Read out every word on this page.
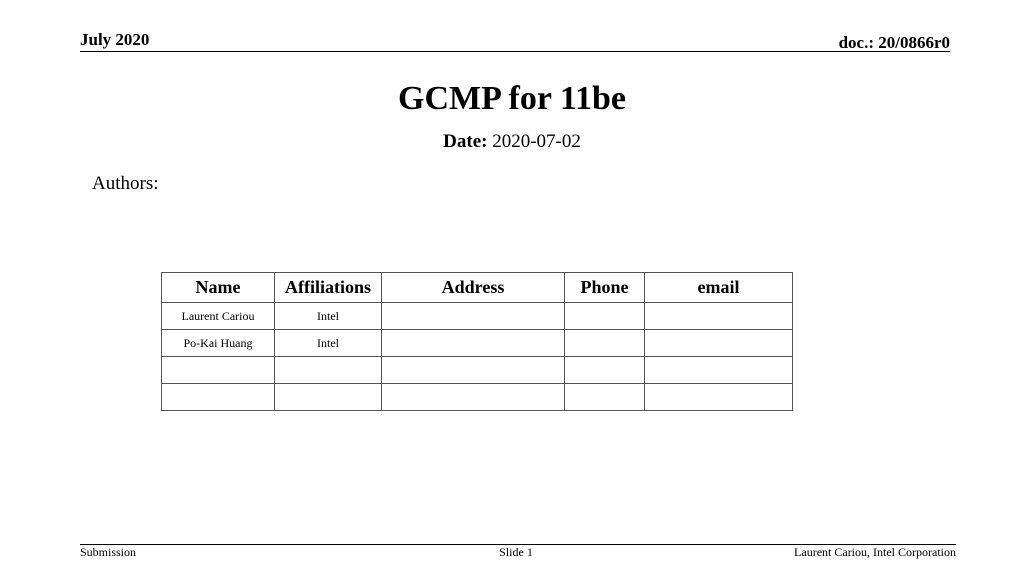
July 2020	doc.: 20/0866r0
GCMP for 11be
Date: 2020-07-02
Authors:
Name	Affiliations	Address	Phone	email
Laurent Cariou	Intel			
Po-Kai Huang	Intel			

Submission	Slide 1	Laurent Cariou, Intel Corporation
